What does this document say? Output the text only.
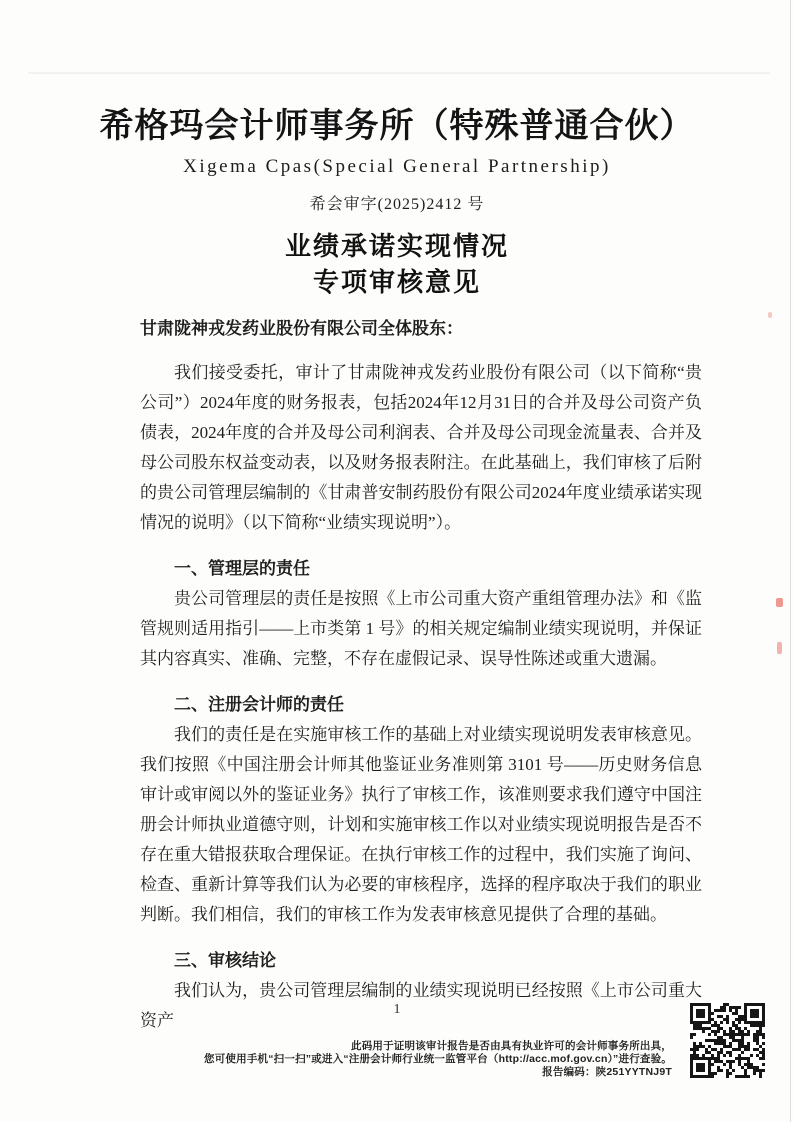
希格玛会计师事务所（特殊普通合伙）
Xigema Cpas(Special General Partnership)
希会审字(2025)2412 号
业绩承诺实现情况
专项审核意见
甘肃陇神戎发药业股份有限公司全体股东：

我们接受委托，审计了甘肃陇神戎发药业股份有限公司（以下简称“贵公司”）2024年度的财务报表，包括2024年12月31日的合并及母公司资产负债表，2024年度的合并及母公司利润表、合并及母公司现金流量表、合并及母公司股东权益变动表，以及财务报表附注。在此基础上，我们审核了后附的贵公司管理层编制的《甘肃普安制药股份有限公司2024年度业绩承诺实现情况的说明》（以下简称“业绩实现说明”）。

一、管理层的责任

贵公司管理层的责任是按照《上市公司重大资产重组管理办法》和《监管规则适用指引——上市类第 1 号》的相关规定编制业绩实现说明，并保证其内容真实、准确、完整，不存在虚假记录、误导性陈述或重大遗漏。

二、注册会计师的责任

我们的责任是在实施审核工作的基础上对业绩实现说明发表审核意见。我们按照《中国注册会计师其他鉴证业务准则第 3101 号——历史财务信息审计或审阅以外的鉴证业务》执行了审核工作，该准则要求我们遵守中国注册会计师执业道德守则，计划和实施审核工作以对业绩实现说明报告是否不存在重大错报获取合理保证。在执行审核工作的过程中，我们实施了询问、检查、重新计算等我们认为必要的审核程序，选择的程序取决于我们的职业判断。我们相信，我们的审核工作为发表审核意见提供了合理的基础。

三、审核结论

我们认为，贵公司管理层编制的业绩实现说明已经按照《上市公司重大资产

1
此码用于证明该审计报告是否由具有执业许可的会计师事务所出具，
您可使用手机“扫一扫”或进入“注册会计师行业统一监管平台（http://acc.mof.gov.cn）”进行查验。
报告编码：陕251YYTNJ9T
